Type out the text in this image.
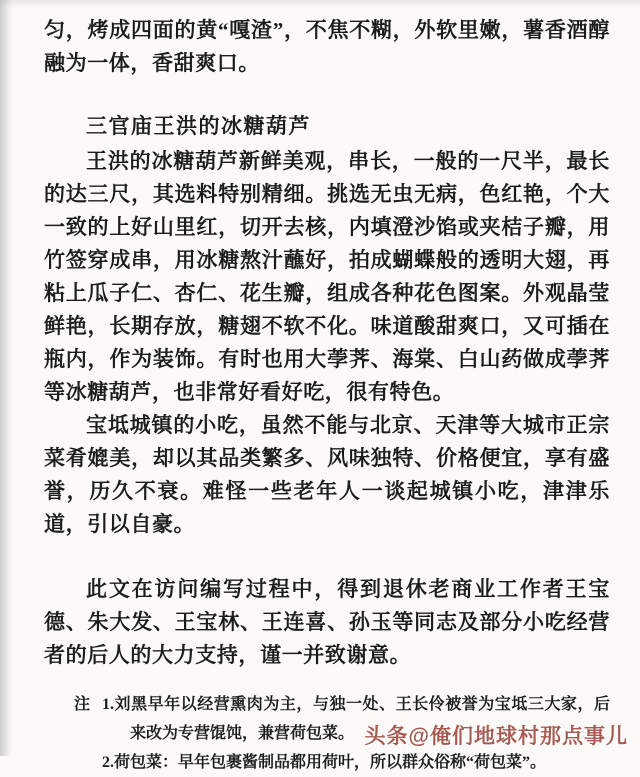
匀，烤成四面的黄“嘎渣”，不焦不糊，外软里嫩，薯香酒醇融为一体，香甜爽口。

三官庙王洪的冰糖葫芦

王洪的冰糖葫芦新鲜美观，串长，一般的一尺半，最长的达三尺，其选料特别精细。挑选无虫无病，色红艳，个大一致的上好山里红，切开去核，内填澄沙馅或夹桔子瓣，用竹签穿成串，用冰糖熬汁蘸好，拍成蝴蝶般的透明大翅，再粘上瓜子仁、杏仁、花生瓣，组成各种花色图案。外观晶莹鲜艳，长期存放，糖翅不软不化。味道酸甜爽口，又可插在瓶内，作为装饰。有时也用大荸荠、海棠、白山药做成荸荠等冰糖葫芦，也非常好看好吃，很有特色。

宝坻城镇的小吃，虽然不能与北京、天津等大城市正宗菜肴媲美，却以其品类繁多、风味独特、价格便宜，享有盛誉，历久不衰。难怪一些老年人一谈起城镇小吃，津津乐道，引以自豪。

此文在访问编写过程中，得到退休老商业工作者王宝德、朱大发、王宝林、王连喜、孙玉等同志及部分小吃经营者的后人的大力支持，谨一并致谢意。

注 1.刘黑早年以经营熏肉为主，与独一处、王长伶被誉为宝坻三大家，后来改为专营馄饨，兼营荷包菜。
2.荷包菜：早年包裹酱制品都用荷叶，所以群众俗称“荷包菜”。
头条@俺们地球村那点事儿
